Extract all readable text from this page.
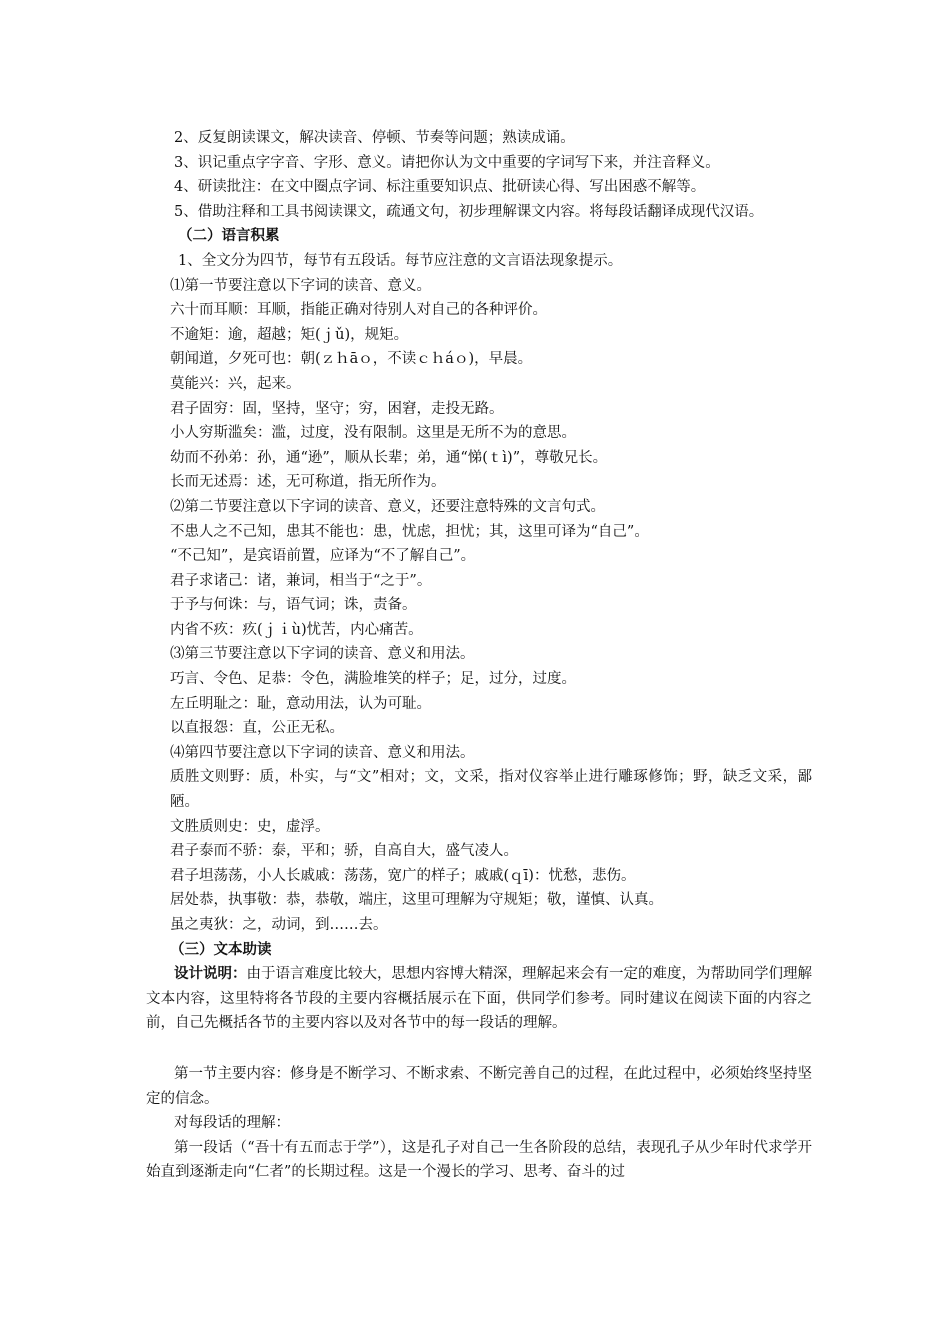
2、反复朗读课文，解决读音、停顿、节奏等问题；熟读成诵。

3、识记重点字字音、字形、意义。请把你认为文中重要的字词写下来，并注音释义。

4、研读批注：在文中圈点字词、标注重要知识点、批研读心得、写出困惑不解等。

5、借助注释和工具书阅读课文，疏通文句，初步理解课文内容。将每段话翻译成现代汉语。

（二）语言积累

1、全文分为四节，每节有五段话。每节应注意的文言语法现象提示。

⑴第一节要注意以下字词的读音、意义。

六十而耳顺：耳顺，指能正确对待别人对自己的各种评价。

不逾矩：逾，超越；矩(ｊǔ)，规矩。

朝闻道，夕死可也：朝(ｚｈāｏ，不读ｃｈáｏ)，早晨。

莫能兴：兴，起来。

君子固穷：固，坚持，坚守；穷，困窘，走投无路。

小人穷斯滥矣：滥，过度，没有限制。这里是无所不为的意思。

幼而不孙弟：孙，通“逊”，顺从长辈；弟，通“悌(ｔì)”，尊敬兄长。

长而无述焉：述，无可称道，指无所作为。

⑵第二节要注意以下字词的读音、意义，还要注意特殊的文言句式。

不患人之不己知，患其不能也：患，忧虑，担忧；其，这里可译为“自己”。

“不己知”，是宾语前置，应译为“不了解自己”。

君子求诸己：诸，兼词，相当于“之于”。

于予与何诛：与，语气词；诛，责备。

内省不疚：疚(ｊｉù)忧苦，内心痛苦。

⑶第三节要注意以下字词的读音、意义和用法。

巧言、令色、足恭：令色，满脸堆笑的样子；足，过分，过度。

左丘明耻之：耻，意动用法，认为可耻。

以直报怨：直，公正无私。

⑷第四节要注意以下字词的读音、意义和用法。

质胜文则野：质，朴实，与“文”相对；文，文采，指对仪容举止进行雕琢修饰；野，缺乏文采，鄙陋。

文胜质则史：史，虚浮。

君子泰而不骄：泰，平和；骄，自高自大，盛气凌人。

君子坦荡荡，小人长戚戚：荡荡，宽广的样子；戚戚(ｑī)：忧愁，悲伤。

居处恭，执事敬：恭，恭敬，端庄，这里可理解为守规矩；敬，谨慎、认真。

虽之夷狄：之，动词，到……去。

（三）文本助读

设计说明：由于语言难度比较大，思想内容博大精深，理解起来会有一定的难度，为帮助同学们理解文本内容，这里特将各节段的主要内容概括展示在下面，供同学们参考。同时建议在阅读下面的内容之前，自己先概括各节的主要内容以及对各节中的每一段话的理解。

第一节主要内容：修身是不断学习、不断求索、不断完善自己的过程，在此过程中，必须始终坚持坚定的信念。

对每段话的理解：

第一段话（“吾十有五而志于学”），这是孔子对自己一生各阶段的总结，表现孔子从少年时代求学开始直到逐渐走向“仁者”的长期过程。这是一个漫长的学习、思考、奋斗的过
